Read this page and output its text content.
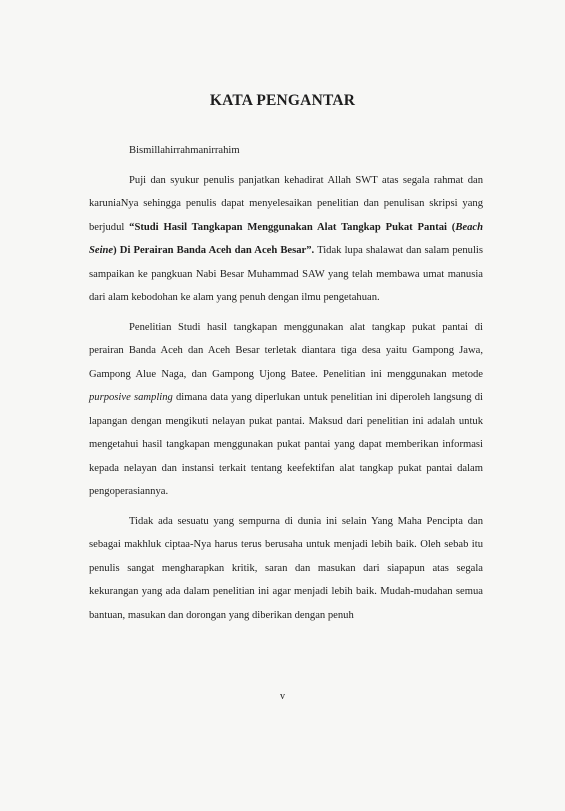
KATA PENGANTAR

Bismillahirrahmanirrahim

Puji dan syukur penulis panjatkan kehadirat Allah SWT atas segala rahmat dan karuniaNya sehingga penulis dapat menyelesaikan penelitian dan penulisan skripsi yang berjudul “Studi Hasil Tangkapan Menggunakan Alat Tangkap Pukat Pantai (Beach Seine) Di Perairan Banda Aceh dan Aceh Besar”. Tidak lupa shalawat dan salam penulis sampaikan ke pangkuan Nabi Besar Muhammad SAW yang telah membawa umat manusia dari alam kebodohan ke alam yang penuh dengan ilmu pengetahuan.

Penelitian Studi hasil tangkapan menggunakan alat tangkap pukat pantai di perairan Banda Aceh dan Aceh Besar terletak diantara tiga desa yaitu Gampong Jawa, Gampong Alue Naga, dan Gampong Ujong Batee. Penelitian ini menggunakan metode purposive sampling dimana data yang diperlukan untuk penelitian ini diperoleh langsung di lapangan dengan mengikuti nelayan pukat pantai. Maksud dari penelitian ini adalah untuk mengetahui hasil tangkapan menggunakan pukat pantai yang dapat memberikan informasi kepada nelayan dan instansi terkait tentang keefektifan alat tangkap pukat pantai dalam pengoperasiannya.

Tidak ada sesuatu yang sempurna di dunia ini selain Yang Maha Pencipta dan sebagai makhluk ciptaa-Nya harus terus berusaha untuk menjadi lebih baik. Oleh sebab itu penulis sangat mengharapkan kritik, saran dan masukan dari siapapun atas segala kekurangan yang ada dalam penelitian ini agar menjadi lebih baik. Mudah-mudahan semua bantuan, masukan dan dorongan yang diberikan dengan penuh

v
